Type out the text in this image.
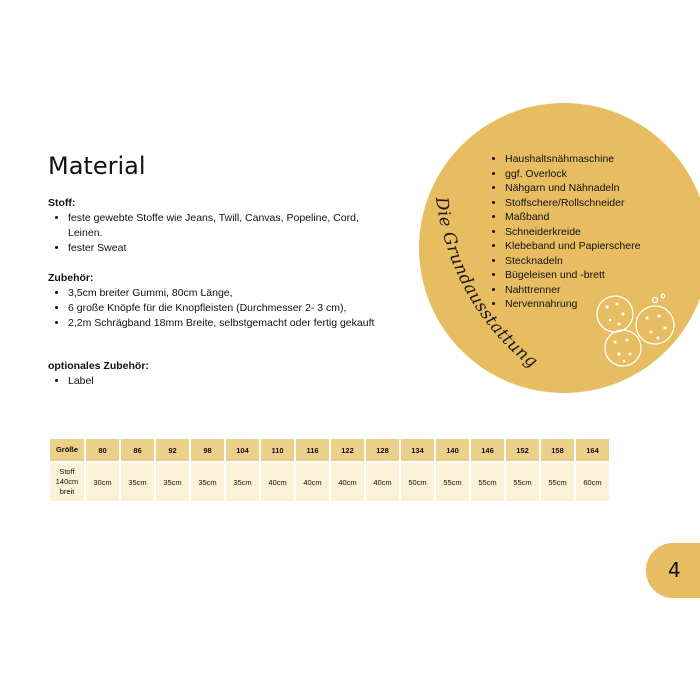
Material
Stoff:
• feste gewebte Stoffe wie Jeans, Twill, Canvas, Popeline, Cord, Leinen.
• fester Sweat
Zubehör:
• 3,5cm breiter Gummi, 80cm Länge,
• 6 große Knöpfe für die Knopfleisten (Durchmesser 2- 3 cm),
• 2,2m Schrägband 18mm Breite, selbstgemacht oder fertig gekauft
optionales Zubehör:
• Label
• Haushaltsnähmaschine
• ggf. Overlock
• Nähgarn und Nähnadeln
• Stoffschere/Rollschneider
• Maßband
• Schneiderkreide
• Klebeband und Papierschere
• Stecknadeln
• Bügeleisen und -brett
• Nahttrenner
• Nervennahrung
Die Grundausstattung
Größe	80	86	92	98	104	110	116	122	128	134	140	146	152	158	164
Stoff
140cm
breit	30cm	35cm	35cm	35cm	35cm	40cm	40cm	40cm	40cm	50cm	55cm	55cm	55cm	55cm	60cm
4
